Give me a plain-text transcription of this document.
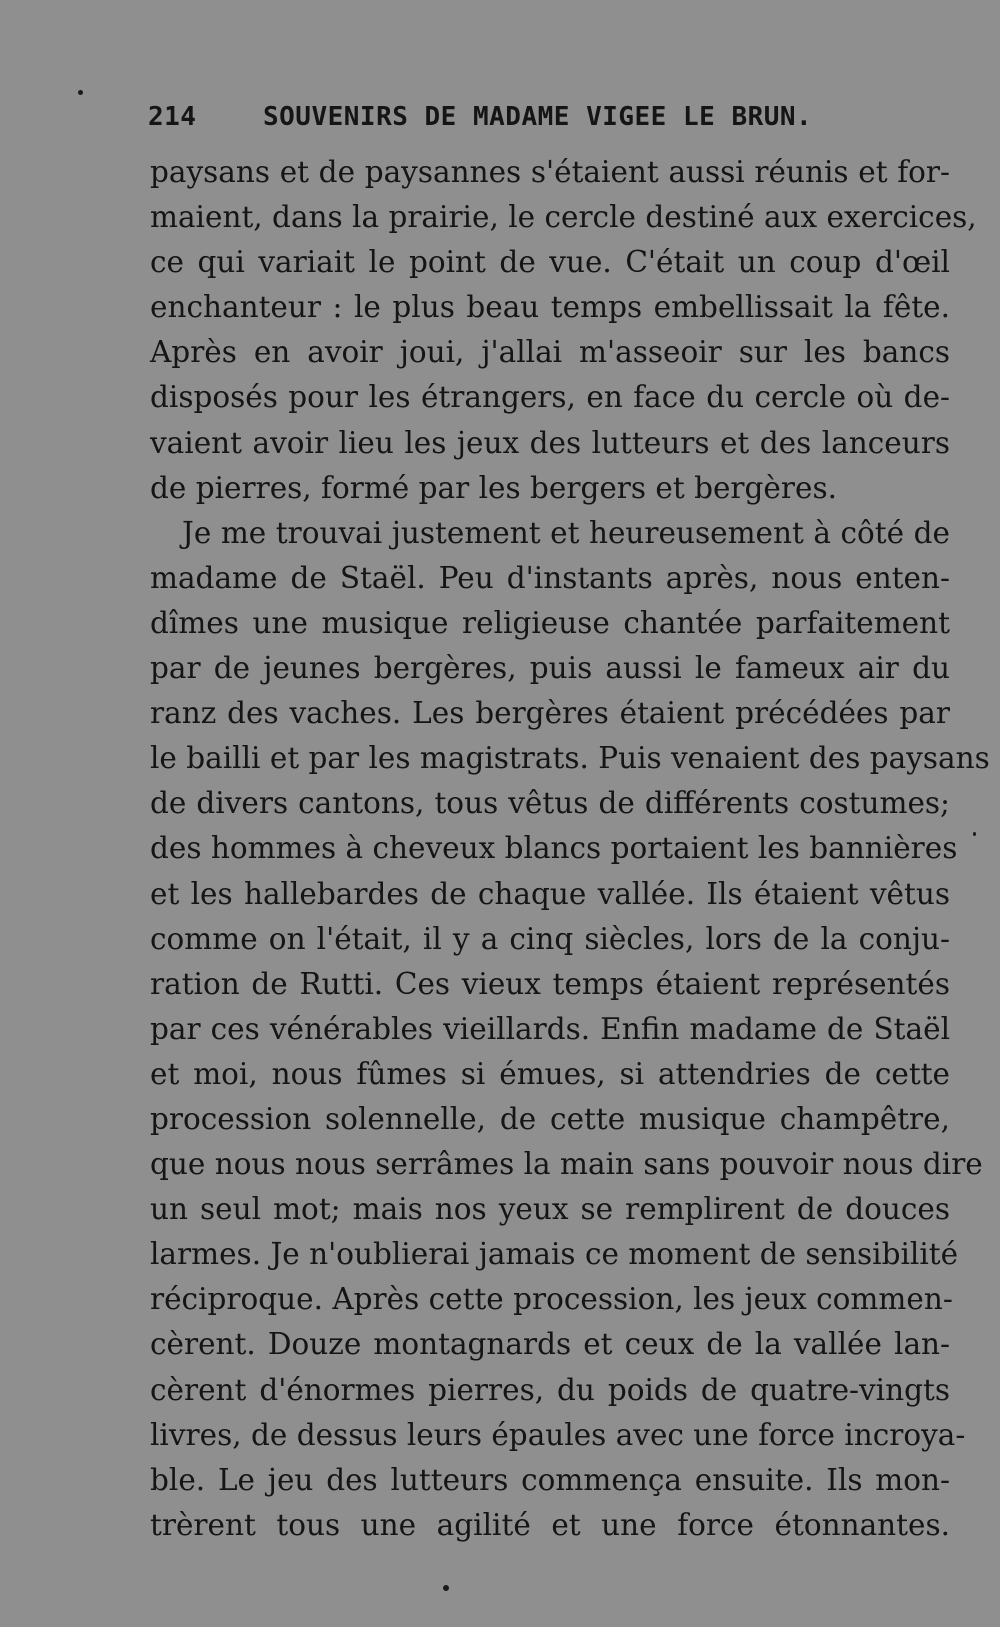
214	SOUVENIRS DE MADAME VIGEE LE BRUN.
paysans et de paysannes s'étaient aussi réunis et for-
maient, dans la prairie, le cercle destiné aux exercices,
ce qui variait le point de vue. C'était un coup d'œil
enchanteur : le plus beau temps embellissait la fête.
Après en avoir joui, j'allai m'asseoir sur les bancs
disposés pour les étrangers, en face du cercle où de-
vaient avoir lieu les jeux des lutteurs et des lanceurs
de pierres, formé par les bergers et bergères.
Je me trouvai justement et heureusement à côté de
madame de Staël. Peu d'instants après, nous enten-
dîmes une musique religieuse chantée parfaitement
par de jeunes bergères, puis aussi le fameux air du
ranz des vaches. Les bergères étaient précédées par
le bailli et par les magistrats. Puis venaient des paysans
de divers cantons, tous vêtus de différents costumes;
des hommes à cheveux blancs portaient les bannières
et les hallebardes de chaque vallée. Ils étaient vêtus
comme on l'était, il y a cinq siècles, lors de la conju-
ration de Rutti. Ces vieux temps étaient représentés
par ces vénérables vieillards. Enfin madame de Staël
et moi, nous fûmes si émues, si attendries de cette
procession solennelle, de cette musique champêtre,
que nous nous serrâmes la main sans pouvoir nous dire
un seul mot; mais nos yeux se remplirent de douces
larmes. Je n'oublierai jamais ce moment de sensibilité
réciproque. Après cette procession, les jeux commen-
cèrent. Douze montagnards et ceux de la vallée lan-
cèrent d'énormes pierres, du poids de quatre-vingts
livres, de dessus leurs épaules avec une force incroya-
ble. Le jeu des lutteurs commença ensuite. Ils mon-
trèrent tous une agilité et une force étonnantes.
